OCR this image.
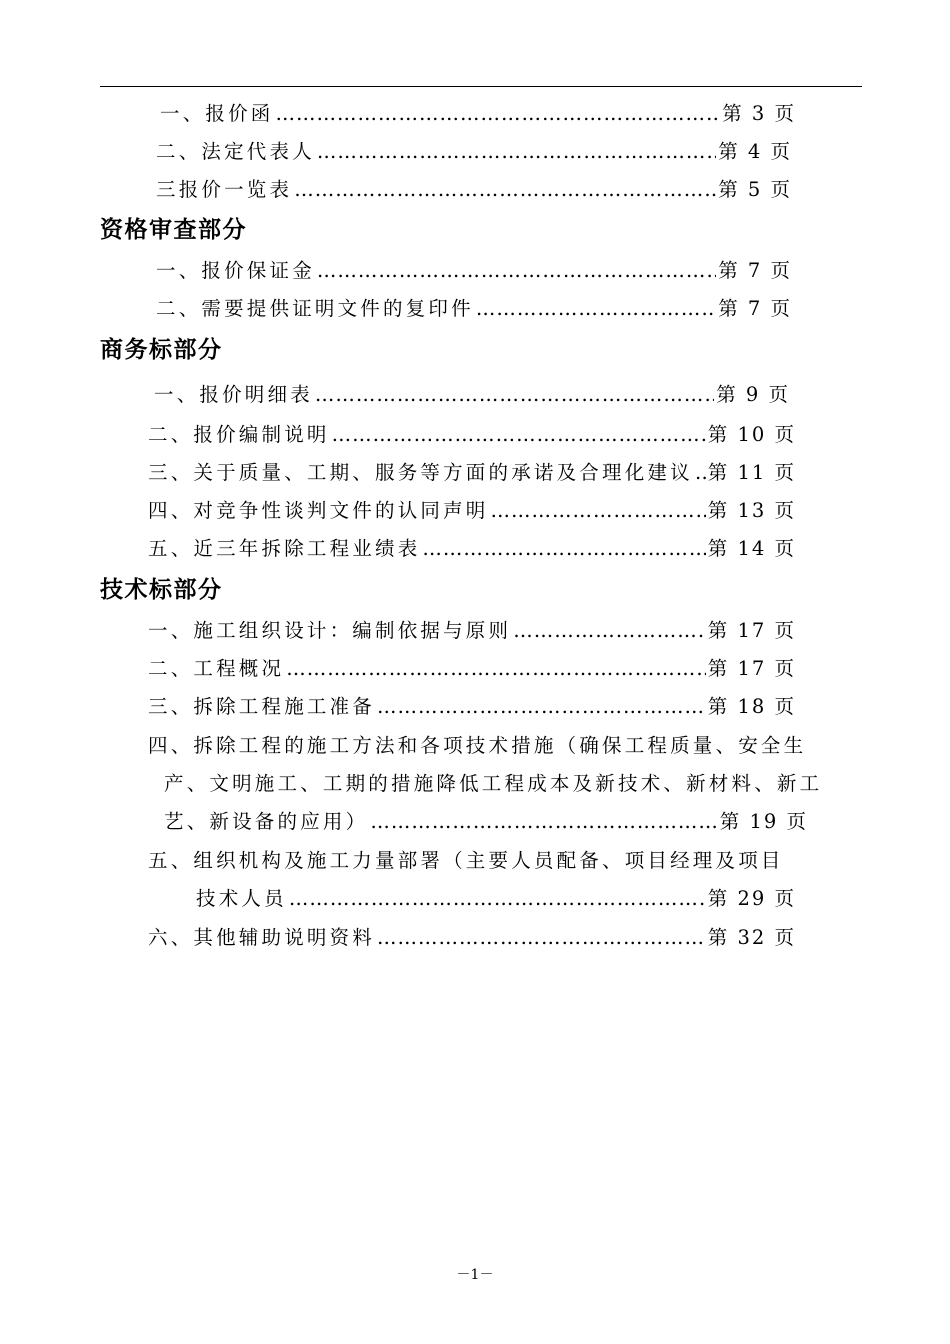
一、报价函 ………………………………………………………………………………………………………………………………………………	第 3 页
二、法定代表人 ………………………………………………………………………………………………………………………………………………	第 4 页
三报价一览表 ………………………………………………………………………………………………………………………………………………	第 5 页
资格审查部分
一、报价保证金 ………………………………………………………………………………………………………………………………………………	第 7 页
二、需要提供证明文件的复印件 ………………………………………………………………………………………………………………………………………………	第 7 页
商务标部分
一、报价明细表 ………………………………………………………………………………………………………………………………………………	第 9 页
二、报价编制说明 ………………………………………………………………………………………………………………………………………………	第 10 页
三、关于质量、工期、服务等方面的承诺及合理化建议 ……………………………………………………………………………………………………………………………………………… 第 11 页
四、对竞争性谈判文件的认同声明 ………………………………………………………………………………………………………………………………………………	第 13 页
五、近三年拆除工程业绩表 ………………………………………………………………………………………………………………………………………………	第 14 页
技术标部分
一、施工组织设计：编制依据与原则 ………………………………………………………………………………………………………………………………………………	第 17 页
二、工程概况 ………………………………………………………………………………………………………………………………………………	第 17 页
三、拆除工程施工准备 ………………………………………………………………………………………………………………………………………………	第 18 页
四、拆除工程的施工方法和各项技术措施（确保工程质量、安全生
产、文明施工、工期的措施降低工程成本及新技术、新材料、新工
艺、新设备的应用） ………………………………………………………………………………………………………………………………………………	第 19 页
五、组织机构及施工力量部署（主要人员配备、项目经理及项目
技术人员 ………………………………………………………………………………………………………………………………………………	第 29 页
六、其他辅助说明资料 ………………………………………………………………………………………………………………………………………………	第 32 页
－1－
